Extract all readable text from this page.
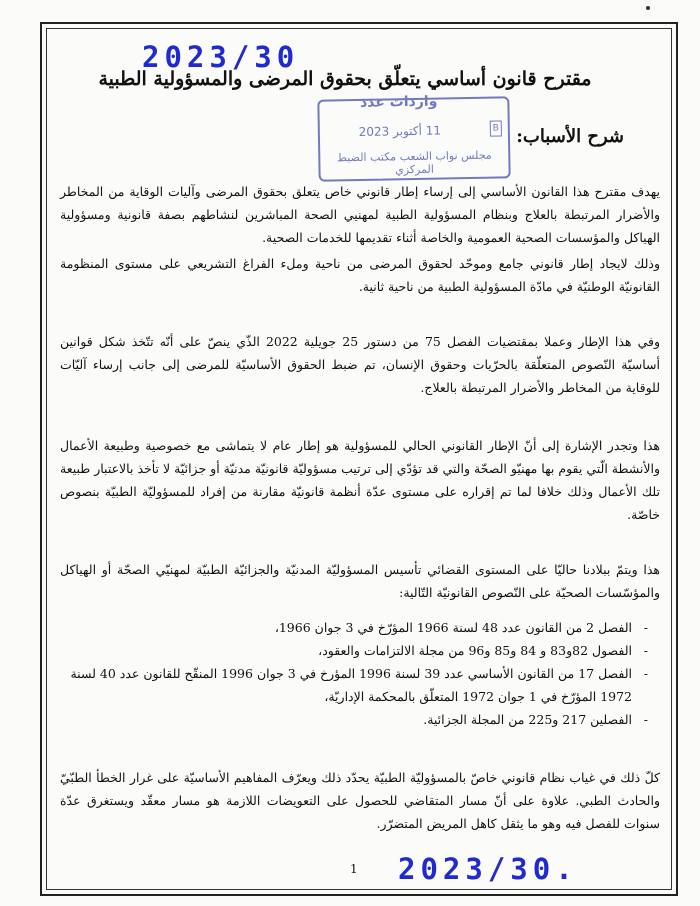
2023/30
مقترح قانون أساسي يتعلّق بحقوق المرضى والمسؤولية الطبية
واردات عدد
B
11 أكتوبر 2023
مجلس نواب الشعب مكتب الضبط المركزي
شرح الأسباب:
يهدف مقترح هذا القانون الأساسي إلى إرساء إطار قانوني خاص يتعلق بحقوق المرضى وآليات الوقاية من المخاطر والأضرار المرتبطة بالعلاج وبنظام المسؤولية الطبية لمهنيي الصحة المباشرين لنشاطهم بصفة قانونية ومسؤولية الهياكل والمؤسسات الصحية العمومية والخاصة أثناء تقديمها للخدمات الصحية.
وذلك لايجاد إطار قانوني جامع وموحّد لحقوق المرضى من ناحية وملء الفراغ التشريعي على مستوى المنظومة القانونيّة الوطنيّة في مادّة المسؤولية الطبية من ناحية ثانية.
وفي هذا الإطار وعملا بمقتضيات الفصل 75 من دستور 25 جويلية 2022 الذّي ينصّ على أنّه تتّخذ شكل قوانين أساسيّة النّصوص المتعلّقة بالحرّيات وحقوق الإنسان، تم ضبط الحقوق الأساسيّة للمرضى إلى جانب إرساء آليّات للوقاية من المخاطر والأضرار المرتبطة بالعلاج.
هذا وتجدر الإشارة إلى أنّ الإطار القانوني الحالي للمسؤولية هو إطار عام لا يتماشى مع خصوصية وطبيعة الأعمال والأنشطة الّتي يقوم بها مهنيّو الصحّة والتي قد تؤدّي إلى ترتيب مسؤوليّة قانونيّة مدنيّة أو جزائيّة لا تأخذ بالاعتبار طبيعة تلك الأعمال وذلك خلافا لما تم إقراره على مستوى عدّة أنظمة قانونيّة مقارنة من إفراد للمسؤوليّة الطبيّة بنصوص خاصّة.
هذا ويتمّ ببلادنا حاليّا على المستوى القضائي تأسيس المسؤوليّة المدنيّة والجزائيّة الطبيّة لمهنيّي الصحّة أو الهياكل والمؤسّسات الصحيّة على النّصوص القانونيّة التّالية:
- الفصل 2 من القانون عدد 48 لسنة 1966 المؤرّخ في 3 جوان 1966،
- الفصول 82و83 و 84 و85 و96 من مجلة الالتزامات والعقود،
- الفصل 17 من القانون الأساسي عدد 39 لسنة 1996 المؤرخ في 3 جوان 1996 المنقّح للقانون عدد 40 لسنة 1972 المؤرّخ في 1 جوان 1972 المتعلّق بالمحكمة الإداريّة،
- الفصلين 217 و225 من المجلة الجزائية.
كلّ ذلك في غياب نظام قانوني خاصّ بالمسؤوليّة الطبيّة يحدّد ذلك ويعرّف المفاهيم الأساسيّة على غرار الخطأ الطبّيّ والحادث الطبي. علاوة على أنّ مسار المتقاضي للحصول على التعويضات اللازمة هو مسار معقّد ويستغرق عدّة سنوات للفصل فيه وهو ما يثقل كاهل المريض المتضرّر.
1 2023/30.
